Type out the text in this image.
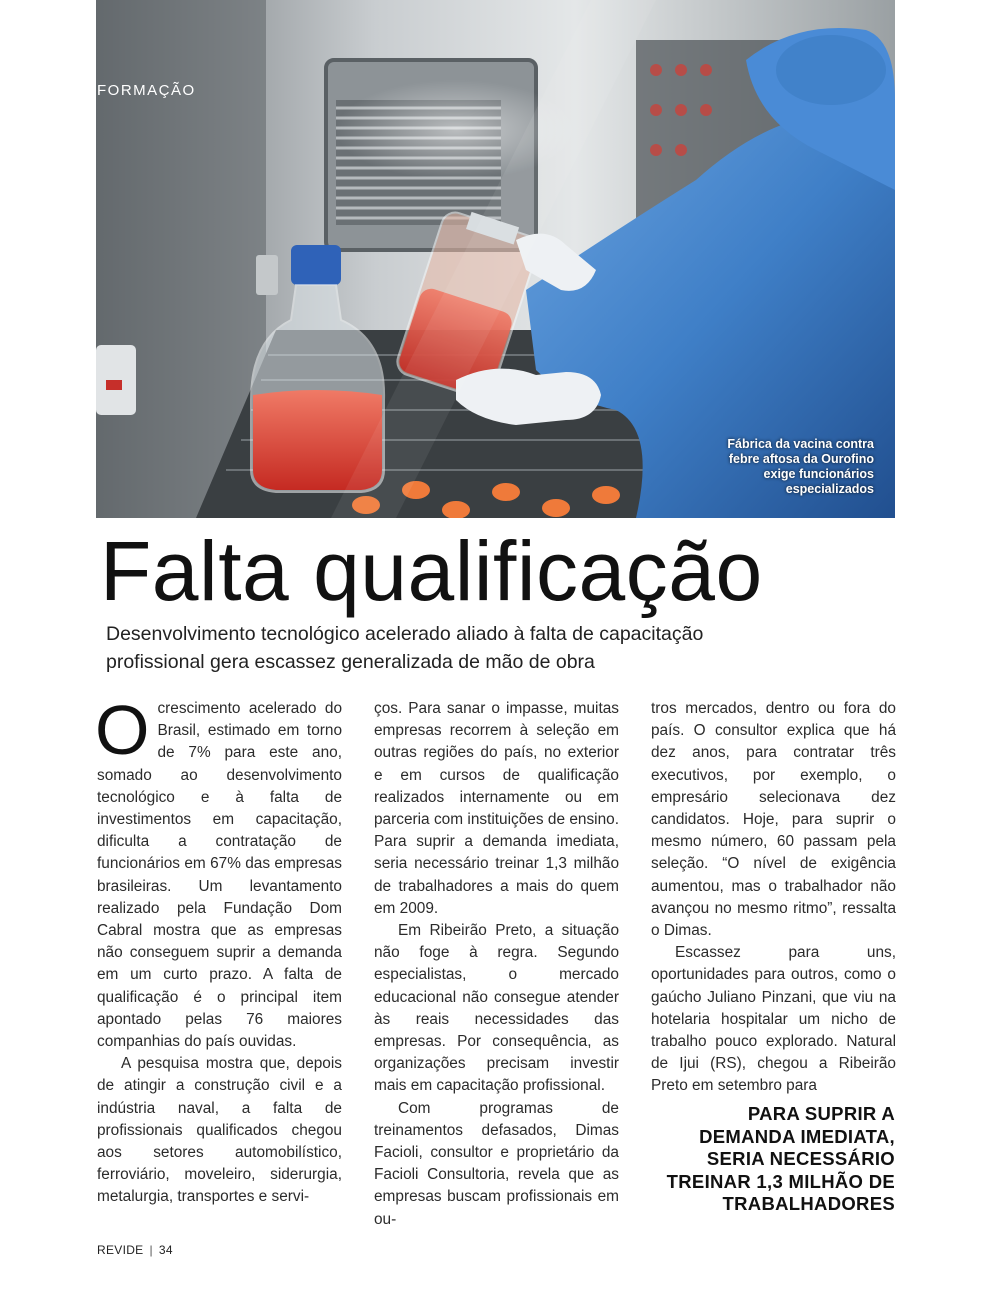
FORMAÇÃO
Fábrica da vacina contra febre aftosa da Ourofino exige funcionários especializados
Falta qualificação

Desenvolvimento tecnológico acelerado aliado à falta de capacitação profissional gera escassez generalizada de mão de obra

Ocrescimento acelerado do Brasil, estimado em torno de 7% para este ano, somado ao desenvolvimento tecnológico e à falta de investimentos em capacitação, dificulta a contratação de funcionários em 67% das empresas brasileiras. Um levantamento realizado pela Fundação Dom Cabral mostra que as empresas não conseguem suprir a demanda em um curto prazo. A falta de qualificação é o principal item apontado pelas 76 maiores companhias do país ouvidas.

A pesquisa mostra que, depois de atingir a construção civil e a indústria naval, a falta de profissionais qualificados chegou aos setores automobilístico, ferroviário, moveleiro, siderurgia, metalurgia, transportes e servi-

ços. Para sanar o impasse, muitas empresas recorrem à seleção em outras regiões do país, no exterior e em cursos de qualificação realizados internamente ou em parceria com instituições de ensino. Para suprir a demanda imediata, seria necessário treinar 1,3 milhão de trabalhadores a mais do quem em 2009.

Em Ribeirão Preto, a situação não foge à regra. Segundo especialistas, o mercado educacional não consegue atender às reais necessidades das empresas. Por consequência, as organizações precisam investir mais em capacitação profissional.

Com programas de treinamentos defasados, Dimas Facioli, consultor e proprietário da Facioli Consultoria, revela que as empresas buscam profissionais em ou-

tros mercados, dentro ou fora do país. O consultor explica que há dez anos, para contratar três executivos, por exemplo, o empresário selecionava dez candidatos. Hoje, para suprir o mesmo número, 60 passam pela seleção. “O nível de exigência aumentou, mas o trabalhador não avançou no mesmo ritmo”, ressalta o Dimas.

Escassez para uns, oportunidades para outros, como o gaúcho Juliano Pinzani, que viu na hotelaria hospitalar um nicho de trabalho pouco explorado. Natural de Ijui (RS), chegou a Ribeirão Preto em setembro para

PARA SUPRIR A DEMANDA IMEDIATA, SERIA NECESSÁRIO TREINAR 1,3 MILHÃO DE TRABALHADORES
REVIDE | 34
